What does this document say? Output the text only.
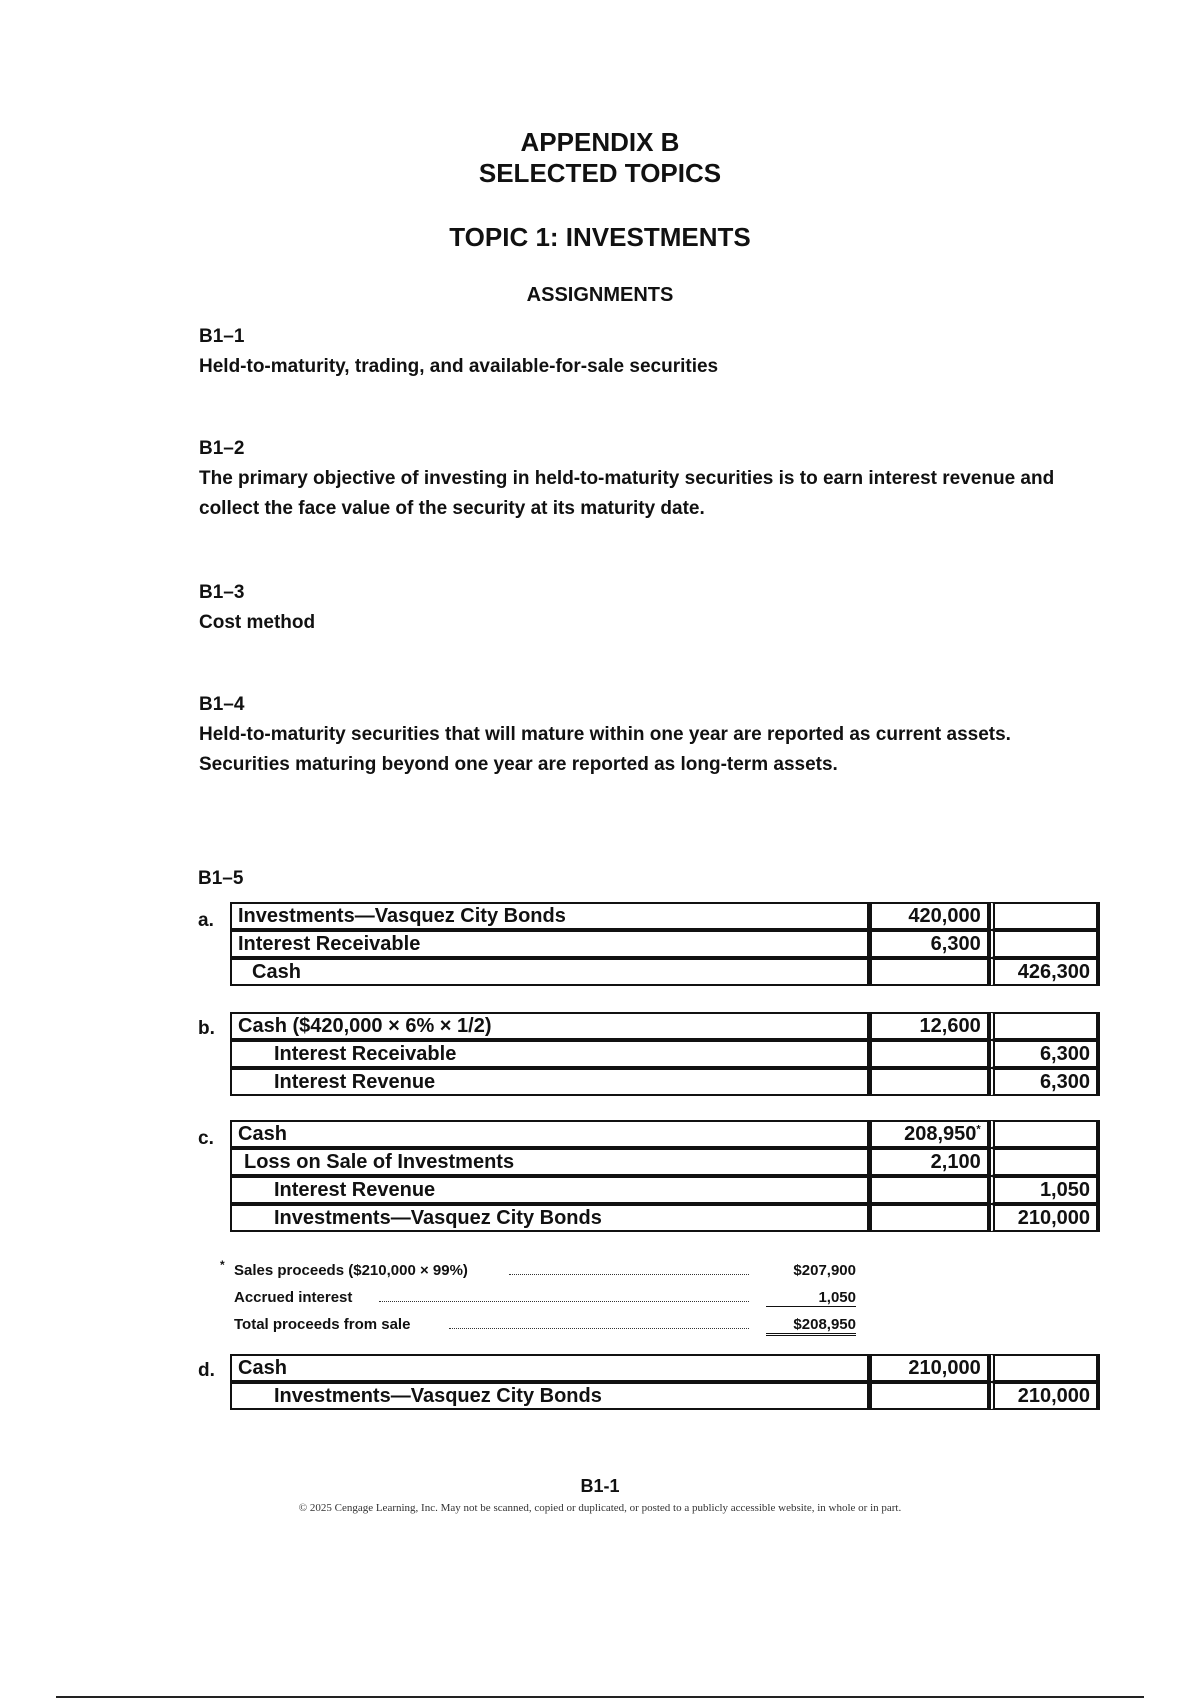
APPENDIX B
SELECTED TOPICS
TOPIC 1: INVESTMENTS
ASSIGNMENTS
B1–1
Held-to-maturity, trading, and available-for-sale securities
B1–2
The primary objective of investing in held-to-maturity securities is to earn interest revenue and collect the face value of the security at its maturity date.
B1–3
Cost method
B1–4
Held-to-maturity securities that will mature within one year are reported as current assets. Securities maturing beyond one year are reported as long-term assets.
B1–5
a. Investments—Vasquez City Bonds	420,000	
Interest Receivable	6,300	
Cash		426,300
b. Cash ($420,000 × 6% × 1/2)	12,600	
Interest Receivable		6,300
Interest Revenue		6,300
c. Cash	208,950*	
Loss on Sale of Investments	2,100	
Interest Revenue		1,050
Investments—Vasquez City Bonds		210,000
* Sales proceeds ($210,000 × 99%)	$207,900
Accrued interest	1,050
Total proceeds from sale	$208,950
d. Cash	210,000	
Investments—Vasquez City Bonds		210,000
B1-1
© 2025 Cengage Learning, Inc. May not be scanned, copied or duplicated, or posted to a publicly accessible website, in whole or in part.
